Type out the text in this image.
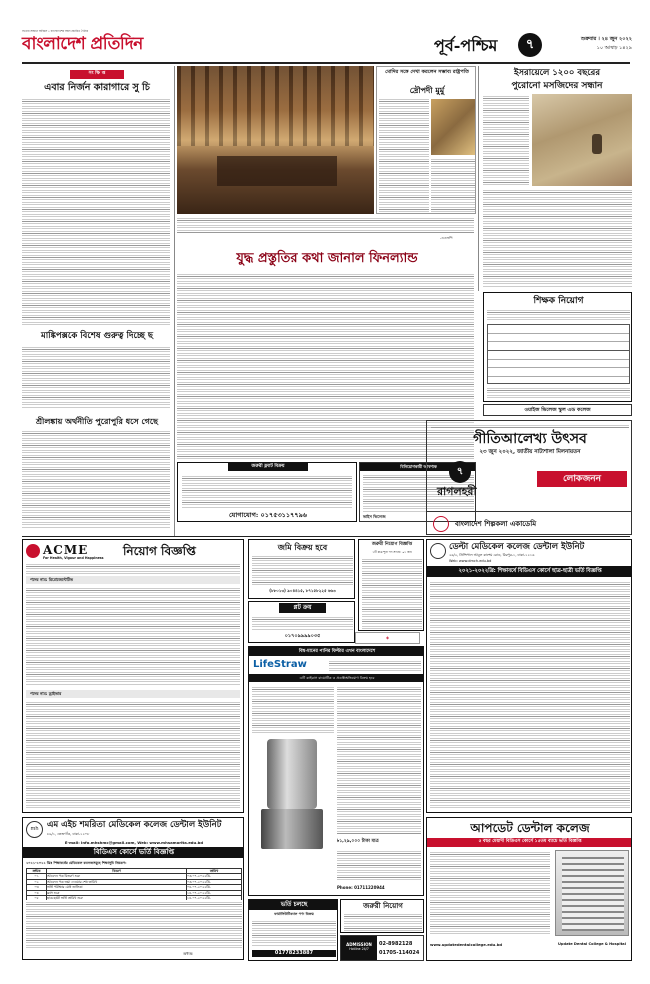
বাংলাদেশ প্রতিদিন
সত্যের সন্ধানে অবিচল • বাংলাদেশের বহুল প্রচারিত দৈনিক
পূর্ব-পশ্চিম ৭	শুক্রবার । ২৪ জুন ২০২২
১০ আষাঢ় ১৪২৯
সং ক্ষি প্ত
এবার নির্জন কারাগারে সু চি
মাঙ্কিপক্সকে বিশেষ গুরুত্ব দিচ্ছে ছ
শ্রীলঙ্কায় অর্থনীতি পুরোপুরি ধসে গেছে
মোদির সঙ্গে দেখা করলেন সম্ভাব্য রাষ্ট্রপতি
দ্রৌপদী মুর্মু
-এএফপি
যুদ্ধ প্রস্তুতির কথা জানাল ফিনল্যান্ড
জরুরী ফ্ল্যাট বিক্রয়
যোগাযোগ: ০১৭৫৩১১৭৭৯৬
বিনিয়োগকারী আবশ্যক
ভাইস ভিলেজ
ইসরায়েলে ১২০০ বছরের
পুরোনো মসজিদের সন্ধান
শিক্ষক নিয়োগ
ওয়াইজ ভিলেজ স্কুল এন্ড কলেজ
গীতিআলেখ্য উৎসব
২৩ জুন ২০২২, জাতীয় নাট্যশালা মিলনায়তন
৭
রাগলহরী
লোকজনন
বাংলাদেশ শিল্পকলা একাডেমি
ACME
For Health, Vigour and Happiness নিয়োগ বিজ্ঞপ্তি
পদের নাম: রিপ্রেজেন্টেটিভ
পদের নাম: ড্রাইভার
জমি বিক্রয় হবে
(৮৮০১৩) ৯০৪৪১৫, ৮৭১৫৮২২৫ ৬৬৩
প্লট ক্রয়
০১৭০৯৯৯৯০৩৫	◈
বিশ্ব-মানের পানির ফিল্টার এখন বাংলাদেশে
LifeStraw
এটি কাইরাস বায়োটিক ও প্রডাক্টঅভিযোগ বিক্রয় হবে
৳১,২৯,০০০ টাকা মাত্র
Phone: 01711220944
ডেল্টা মেডিকেল কলেজ ডেন্টাল ইউনিট
২৬/২, প্রিন্সিপাল আবুল কাশেম রোড, মিরপুর-১, ঢাকা-১২১৬
Web: www.dmch.edu.bd
২০২১-২০২২খ্রি: শিক্ষাবর্ষে বিডিএস কোর্সে ছাত্র-ছাত্রী ভর্তি বিজ্ঞপ্তি
mh এম এইচ শমরিতা মেডিকেল কলেজ ডেন্টাল ইউনিট
৮৯/১, তেজগাঁও, ঢাকা-১২০৮
E-mail: info.mhshmc@gmail.com, Web: www.mhsamorita.edu.bd
বিডিএস কোর্সে ভর্তি বিজ্ঞপ্তি
২০২১-২০২২ খ্রিঃ শিক্ষাবর্ষের মেডিকেল কলেজসমূহে শিক্ষাসূচি নিম্নরূপ:
ক্রমিক	বিবরণ	তারিখ
০১	আবেদন পত্র বিতরণ শুরু	০৩.০৭.২০২২খ্রি.
০২	আবেদন পত্র জমা দেওয়ার শেষ তারিখ	০৩.০৭.২০২২খ্রি.
০৩	ভর্তি পরীক্ষার মেধা তালিকা	০৪.০৭.২০২২খ্রি.
০৪	ক্লাস শুরু	১৪.০৭.২০২২খ্রি.
০৫	ছাত্র-ছাত্রী ভর্তি তারিখ শুরু	১৪.০৭.২০২২খ্রি.
অধ্যক্ষ
ভর্তি চলছে
ফার্মাসিউটিক্যাল পণ্য বিক্রয়
01778233887
আপডেট ডেন্টাল কলেজ
৫ বছর মেয়াদী বিডিএস কোর্সে ১৫তম ব্যাচে ভর্তি বিজ্ঞপ্তি
www.updatedentalcollege.edu.bd	Update Dental College & Hospital
ADMISSION
Hotline 24/7
02-8982128
01705-114024
জরুরী নিয়োগ
জরুরী নিয়োগ বিজ্ঞপ্তি
১টি মাত্র শূন্য পদ সংখ্যা: ০১ জন
